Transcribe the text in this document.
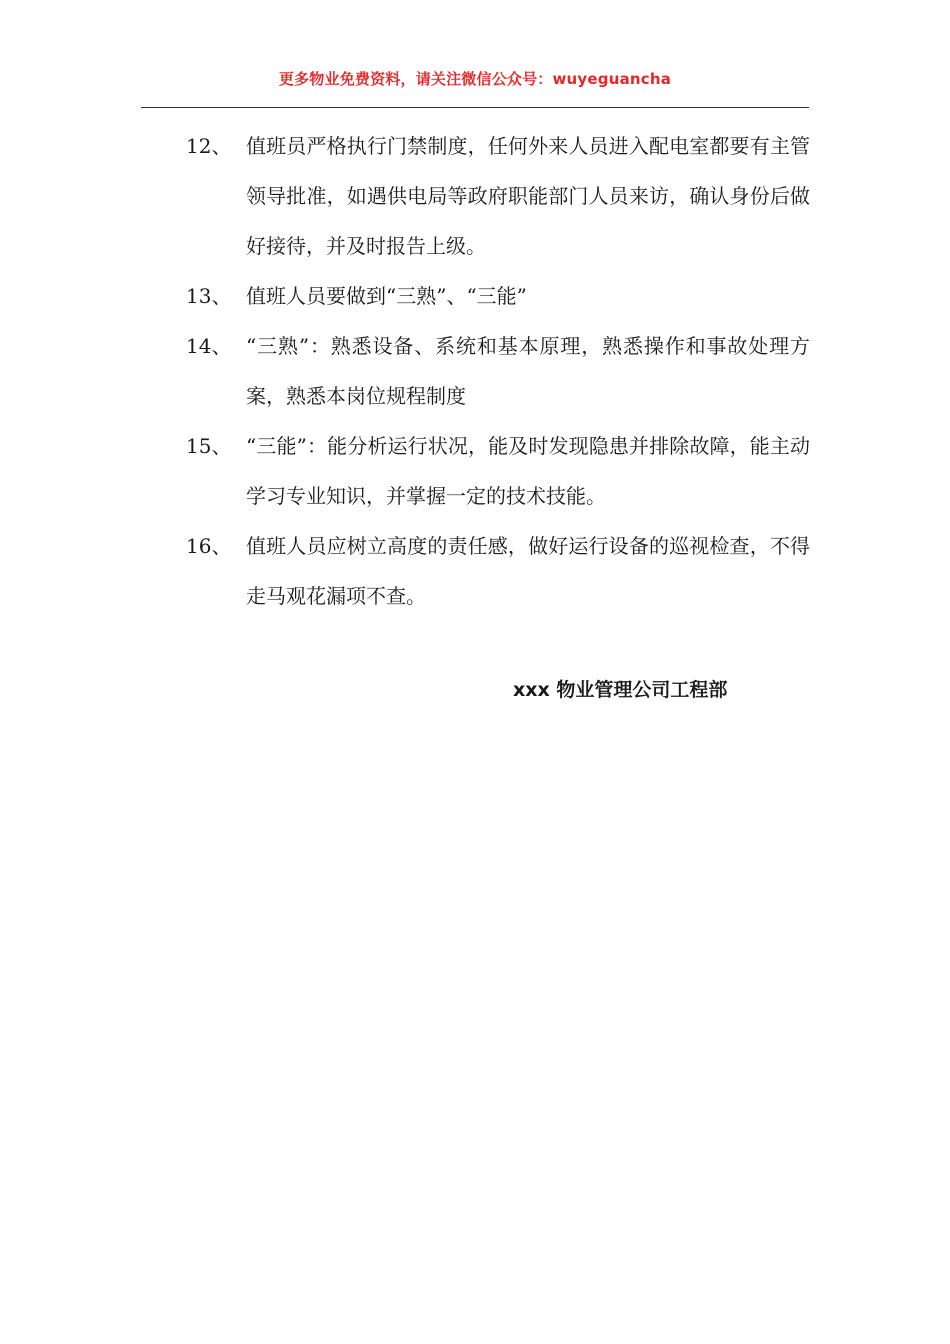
更多物业免费资料，请关注微信公众号：wuyeguancha
12、 值班员严格执行门禁制度，任何外来人员进入配电室都要有主管领导批准，如遇供电局等政府职能部门人员来访，确认身份后做好接待，并及时报告上级。
13、 值班人员要做到“三熟”、“三能”
14、 “三熟”：熟悉设备、系统和基本原理，熟悉操作和事故处理方案，熟悉本岗位规程制度
15、 “三能”：能分析运行状况，能及时发现隐患并排除故障，能主动学习专业知识，并掌握一定的技术技能。
16、 值班人员应树立高度的责任感，做好运行设备的巡视检查，不得走马观花漏项不查。
xxx 物业管理公司工程部
